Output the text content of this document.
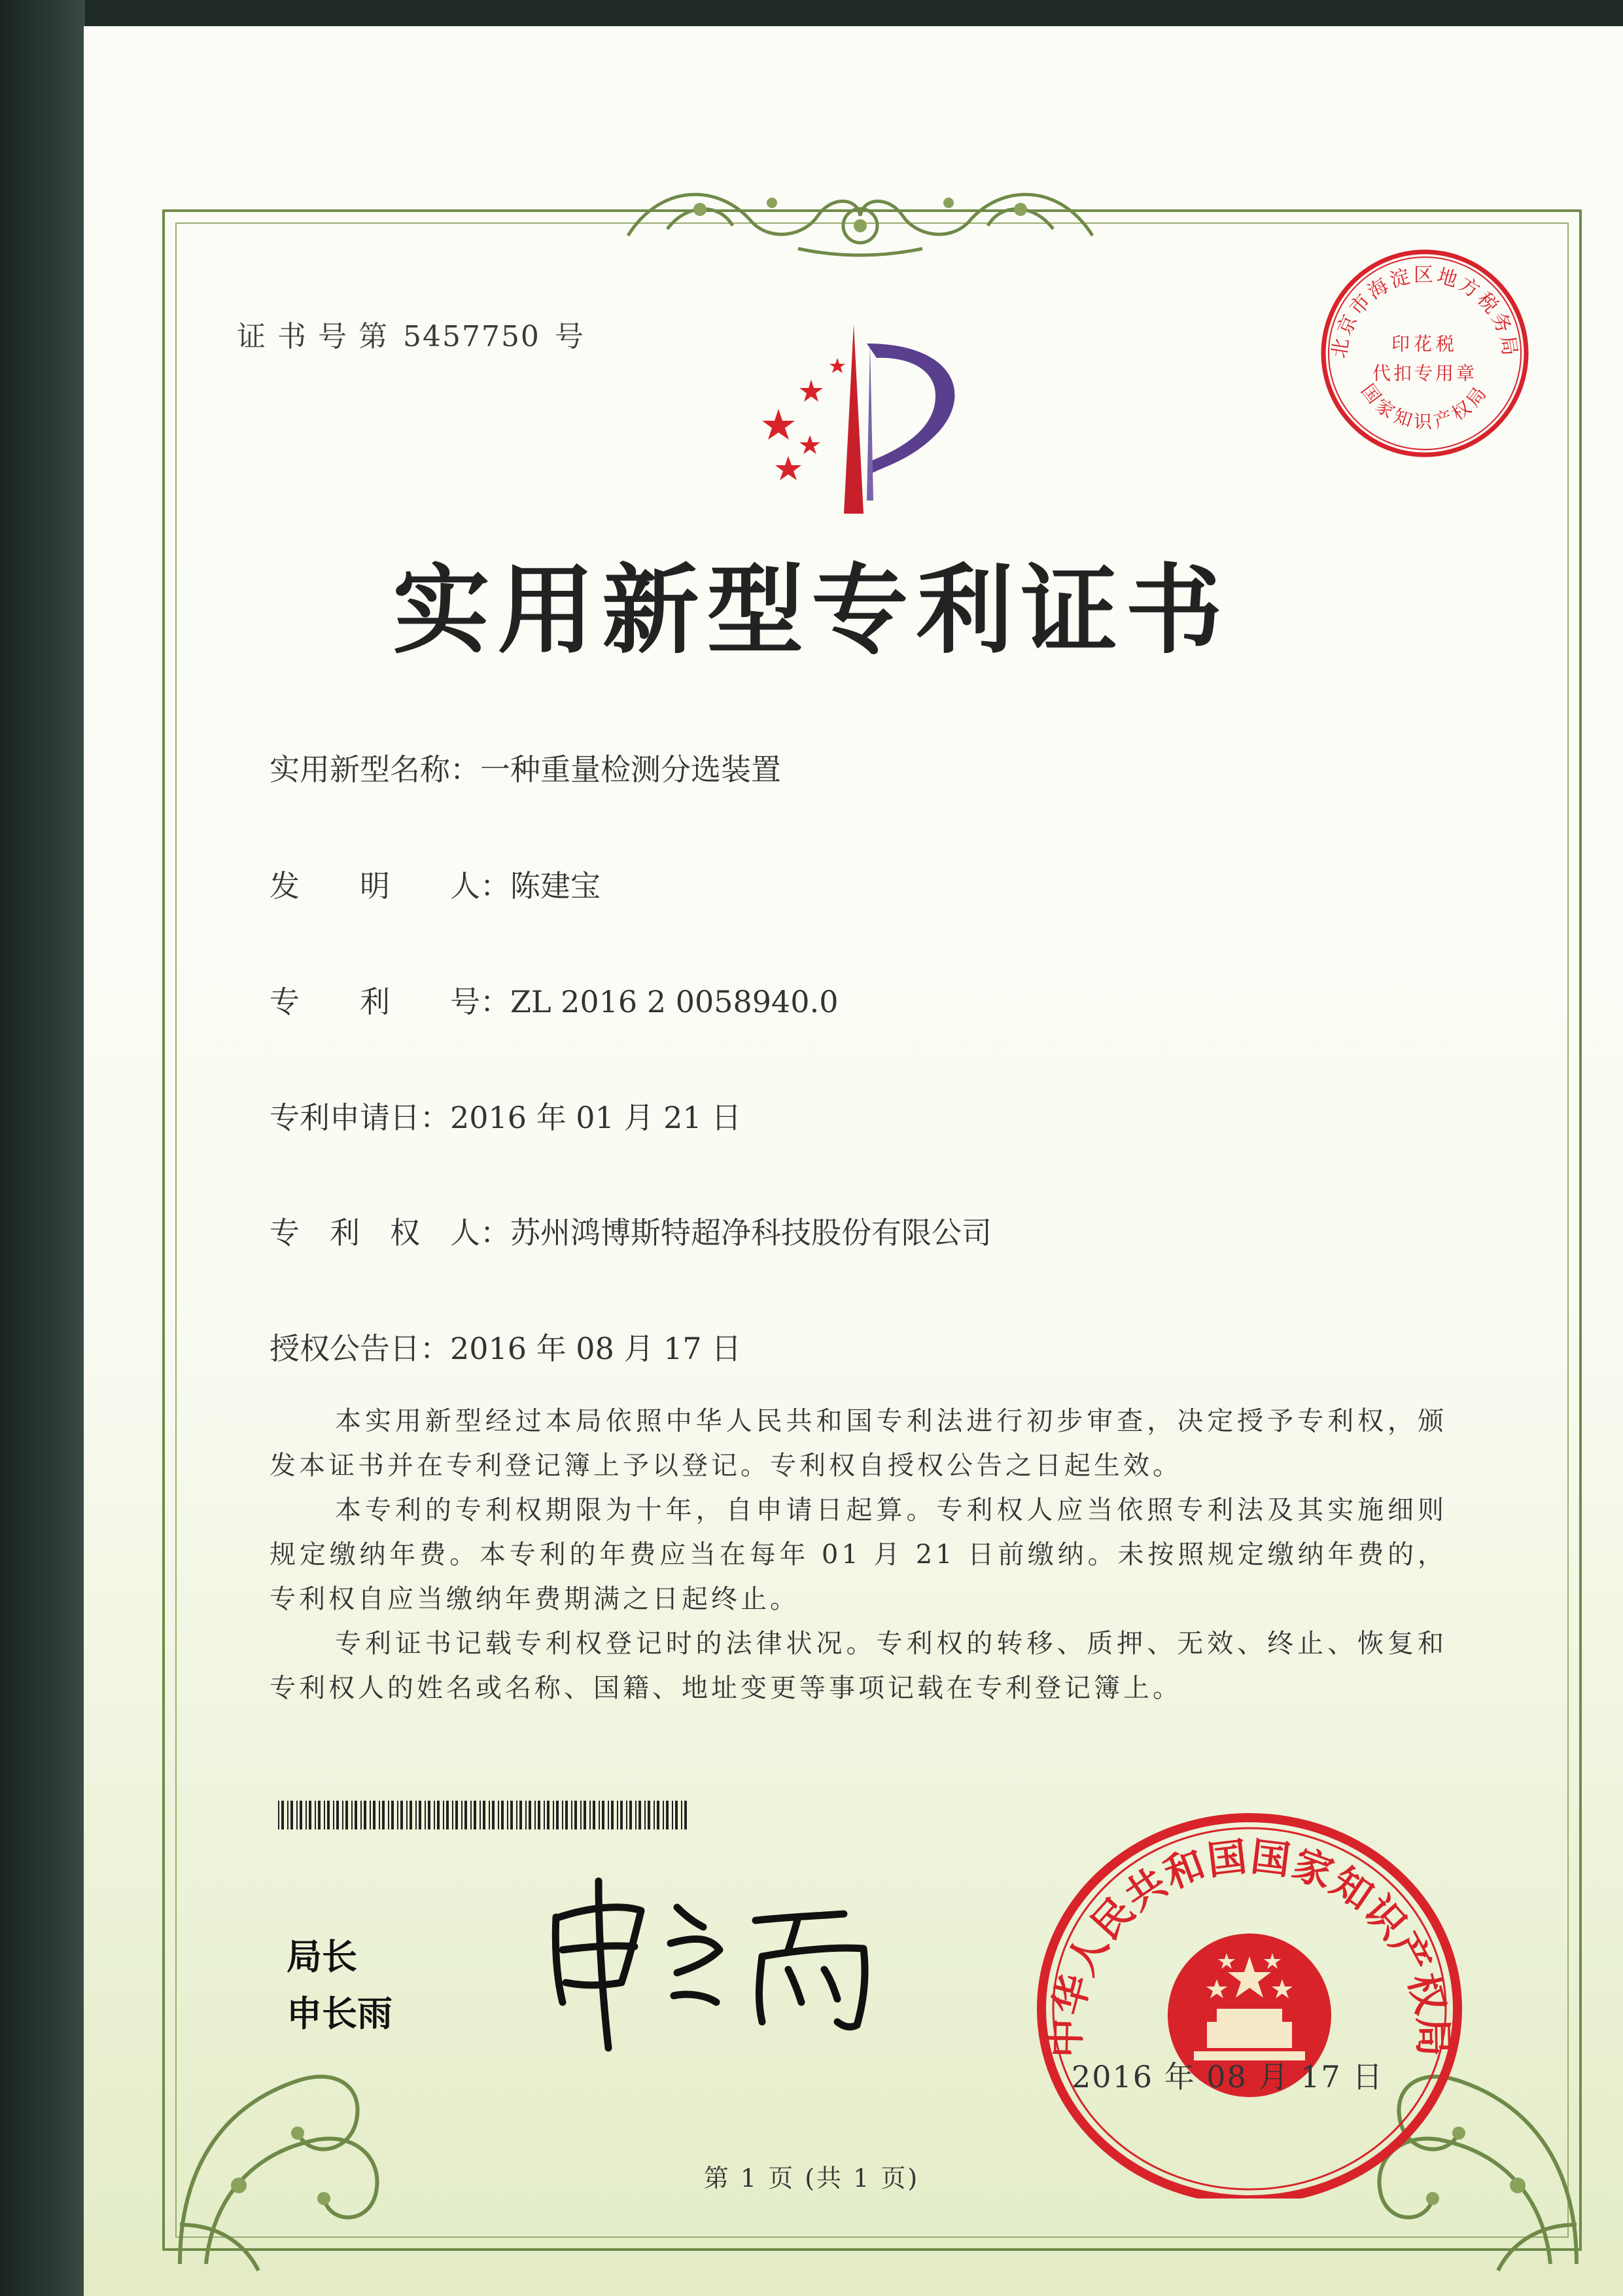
证 书 号 第 5457750 号	北京市海淀区地方税务局
国家知识产权局
印花税
代扣专用章
实用新型专利证书
实用新型名称：一种重量检测分选装置
发　　明　　人：陈建宝
专　　利　　号：ZL 2016 2 0058940.0
专利申请日：2016 年 01 月 21 日
专　利　权　人：苏州鸿博斯特超净科技股份有限公司
授权公告日：2016 年 08 月 17 日

本实用新型经过本局依照中华人民共和国专利法进行初步审查，决定授予专利权，颁发本证书并在专利登记簿上予以登记。专利权自授权公告之日起生效。

本专利的专利权期限为十年，自申请日起算。专利权人应当依照专利法及其实施细则规定缴纳年费。本专利的年费应当在每年 01 月 21 日前缴纳。未按照规定缴纳年费的，专利权自应当缴纳年费期满之日起终止。

专利证书记载专利权登记时的法律状况。专利权的转移、质押、无效、终止、恢复和专利权人的姓名或名称、国籍、地址变更等事项记载在专利登记簿上。

局长
申长雨
中华人民共和国国家知识产权局
2016 年 08 月 17 日
第 1 页 (共 1 页)
